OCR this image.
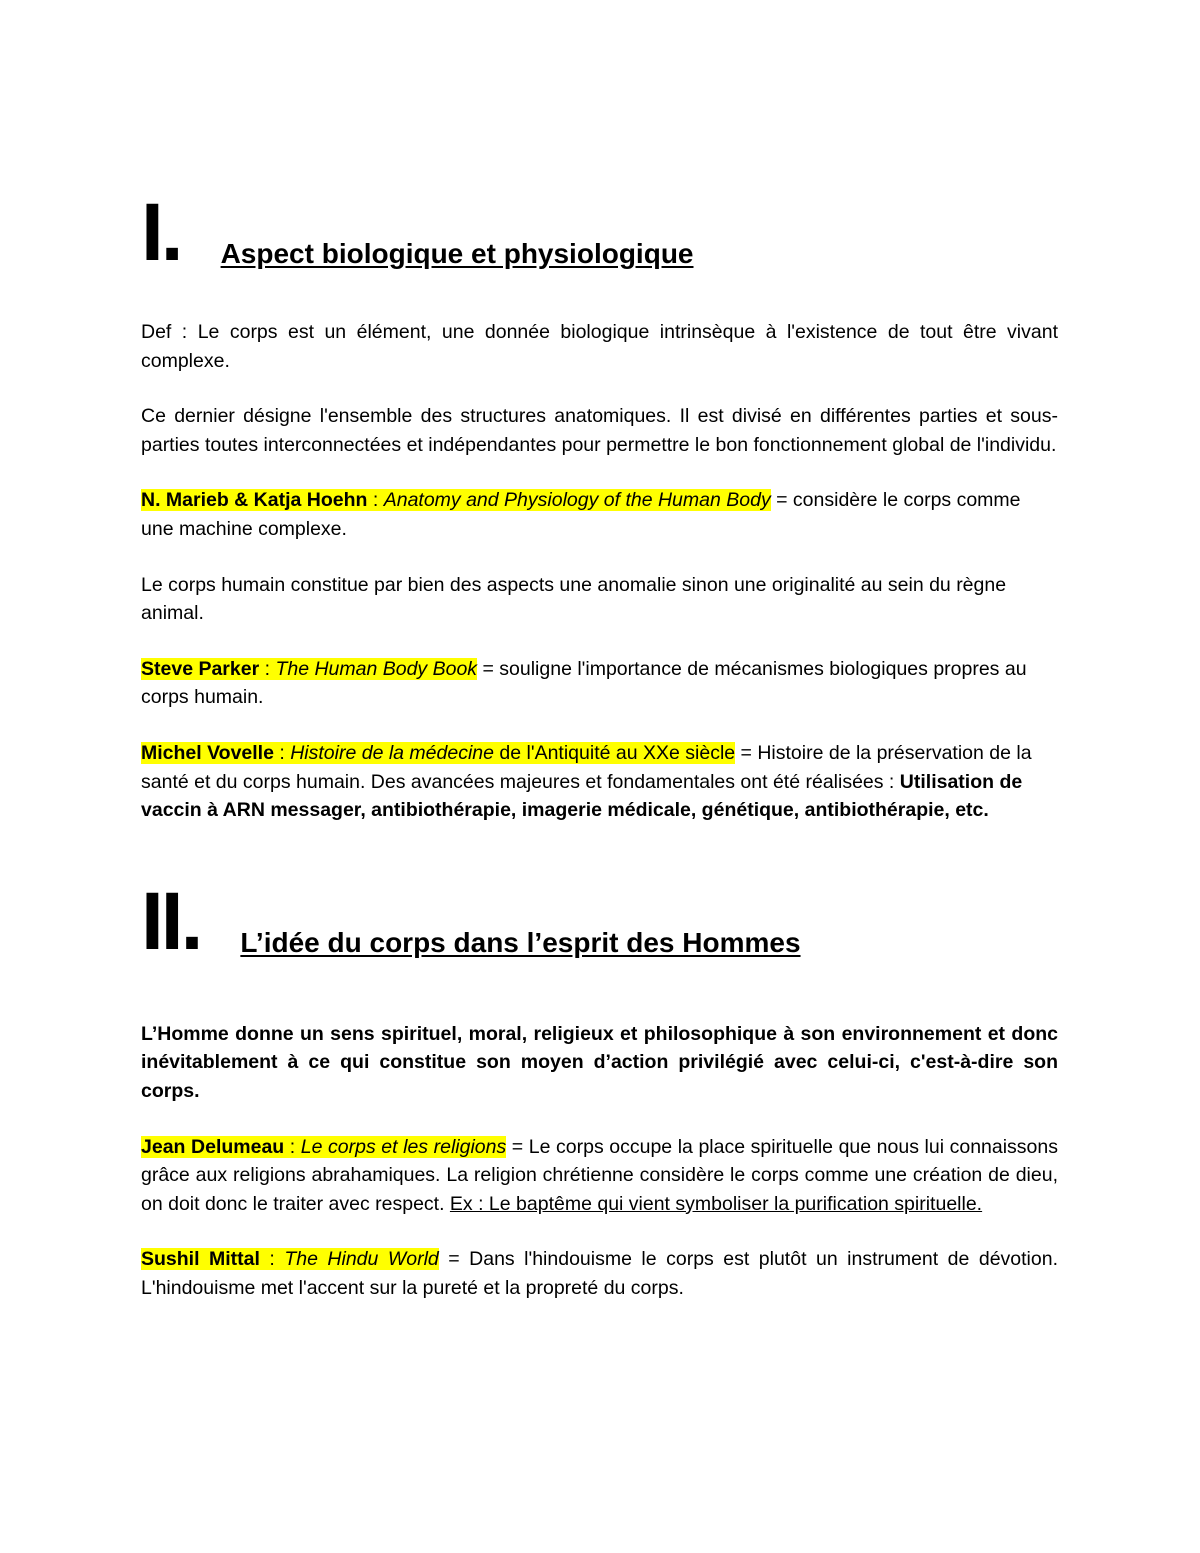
I. Aspect biologique et physiologique

Def : Le corps est un élément, une donnée biologique intrinsèque à l'existence de tout être vivant complexe.

Ce dernier désigne l'ensemble des structures anatomiques. Il est divisé en différentes parties et sous-parties toutes interconnectées et indépendantes pour permettre le bon fonctionnement global de l'individu.

N. Marieb & Katja Hoehn : Anatomy and Physiology of the Human Body = considère le corps comme une machine complexe.

Le corps humain constitue par bien des aspects une anomalie sinon une originalité au sein du règne animal.

Steve Parker : The Human Body Book = souligne l'importance de mécanismes biologiques propres au corps humain.

Michel Vovelle : Histoire de la médecine de l'Antiquité au XXe siècle = Histoire de la préservation de la santé et du corps humain. Des avancées majeures et fondamentales ont été réalisées : Utilisation de vaccin à ARN messager, antibiothérapie, imagerie médicale, génétique, antibiothérapie, etc.

II. L’idée du corps dans l’esprit des Hommes

L’Homme donne un sens spirituel, moral, religieux et philosophique à son environnement et donc inévitablement à ce qui constitue son moyen d’action privilégié avec celui-ci, c'est-à-dire son corps.

Jean Delumeau : Le corps et les religions = Le corps occupe la place spirituelle que nous lui connaissons grâce aux religions abrahamiques. La religion chrétienne considère le corps comme une création de dieu, on doit donc le traiter avec respect. Ex : Le baptême qui vient symboliser la purification spirituelle.

Sushil Mittal : The Hindu World = Dans l'hindouisme le corps est plutôt un instrument de dévotion. L'hindouisme met l'accent sur la pureté et la propreté du corps.
